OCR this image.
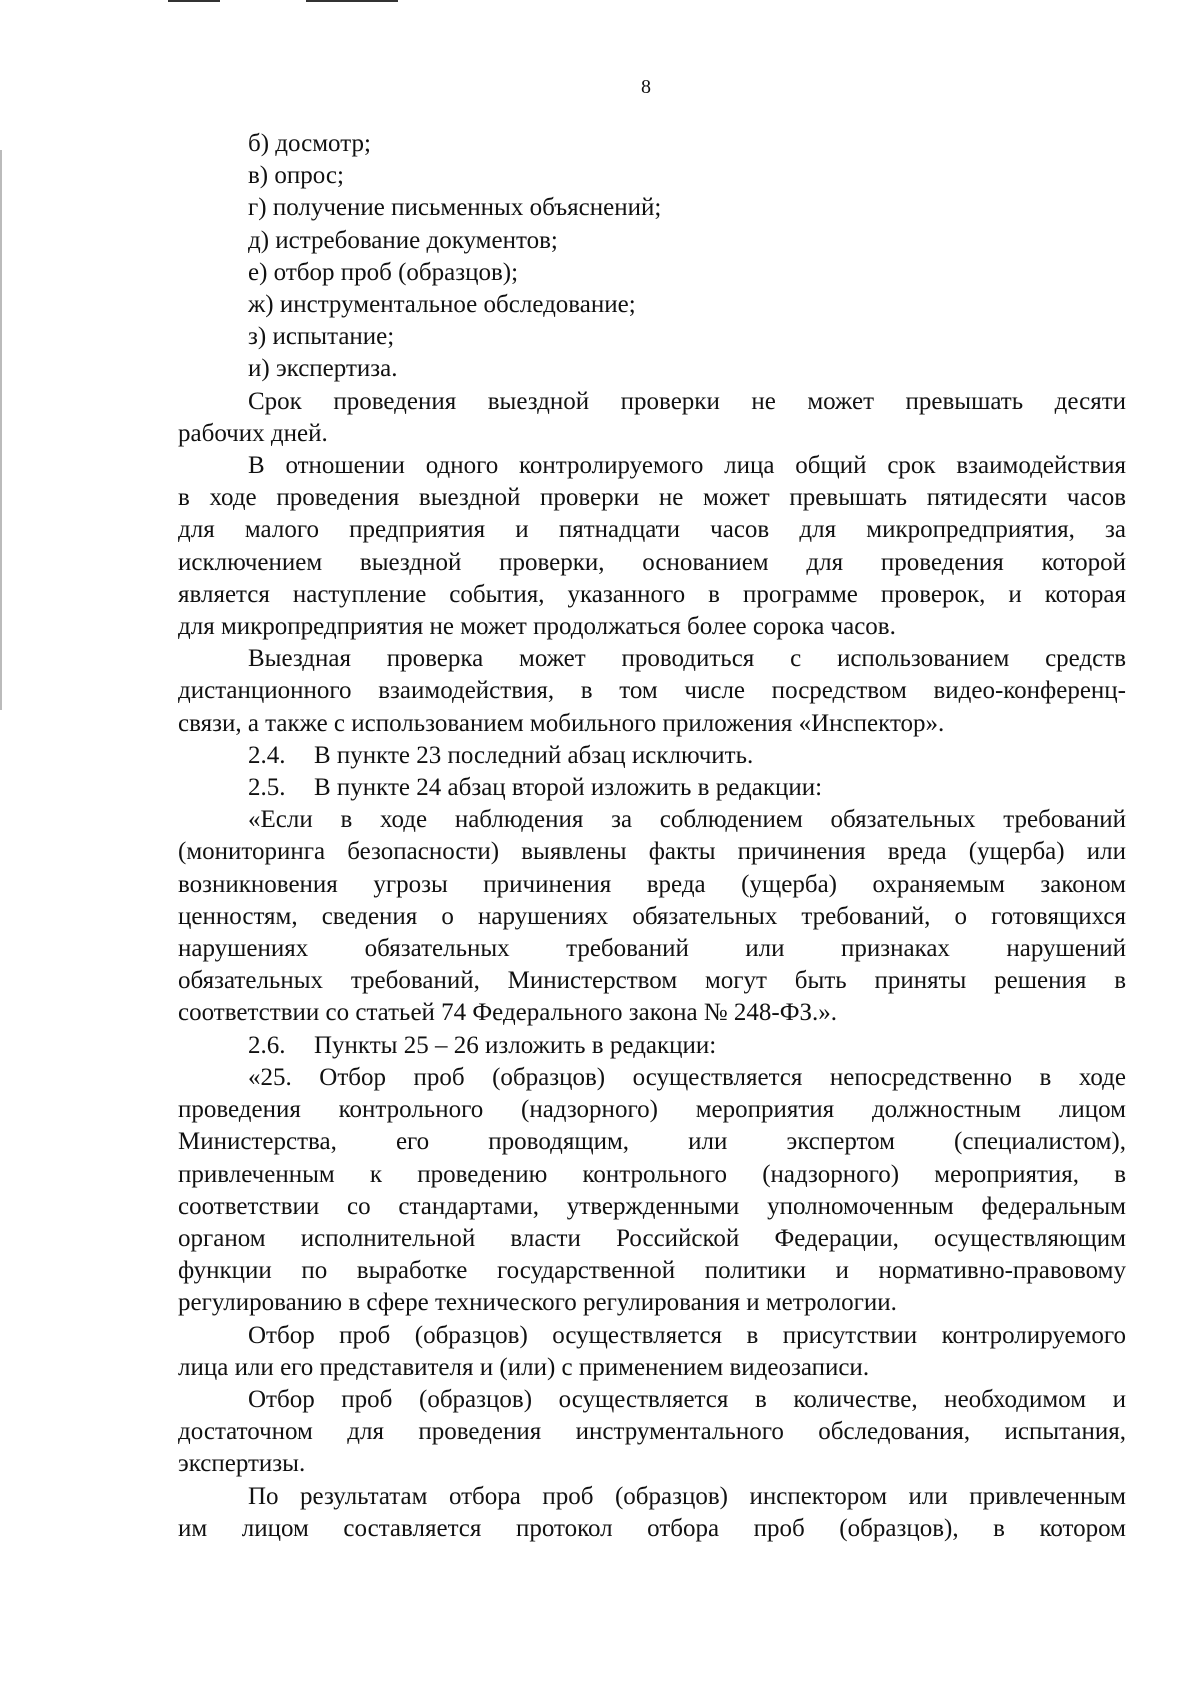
8
б) досмотр;
в) опрос;
г) получение письменных объяснений;
д) истребование документов;
е) отбор проб (образцов);
ж) инструментальное обследование;
з) испытание;
и) экспертиза.
Срок проведения выездной проверки не может превышать десяти
рабочих дней.
В отношении одного контролируемого лица общий срок взаимодействия
в ходе проведения выездной проверки не может превышать пятидесяти часов
для малого предприятия и пятнадцати часов для микропредприятия, за
исключением выездной проверки, основанием для проведения которой
является наступление события, указанного в программе проверок, и которая
для микропредприятия не может продолжаться более сорока часов.
Выездная проверка может проводиться с использованием средств
дистанционного взаимодействия, в том числе посредством видео-конференц-
связи, а также с использованием мобильного приложения «Инспектор».
2.4. В пункте 23 последний абзац исключить.
2.5. В пункте 24 абзац второй изложить в редакции:
«Если в ходе наблюдения за соблюдением обязательных требований
(мониторинга безопасности) выявлены факты причинения вреда (ущерба) или
возникновения угрозы причинения вреда (ущерба) охраняемым законом
ценностям, сведения о нарушениях обязательных требований, о готовящихся
нарушениях обязательных требований или признаках нарушений
обязательных требований, Министерством могут быть приняты решения в
соответствии со статьей 74 Федерального закона № 248-ФЗ.».
2.6. Пункты 25 – 26 изложить в редакции:
«25. Отбор проб (образцов) осуществляется непосредственно в ходе
проведения контрольного (надзорного) мероприятия должностным лицом
Министерства, его проводящим, или экспертом (специалистом),
привлеченным к проведению контрольного (надзорного) мероприятия, в
соответствии со стандартами, утвержденными уполномоченным федеральным
органом исполнительной власти Российской Федерации, осуществляющим
функции по выработке государственной политики и нормативно-правовому
регулированию в сфере технического регулирования и метрологии.
Отбор проб (образцов) осуществляется в присутствии контролируемого
лица или его представителя и (или) с применением видеозаписи.
Отбор проб (образцов) осуществляется в количестве, необходимом и
достаточном для проведения инструментального обследования, испытания,
экспертизы.
По результатам отбора проб (образцов) инспектором или привлеченным
им лицом составляется протокол отбора проб (образцов), в котором
